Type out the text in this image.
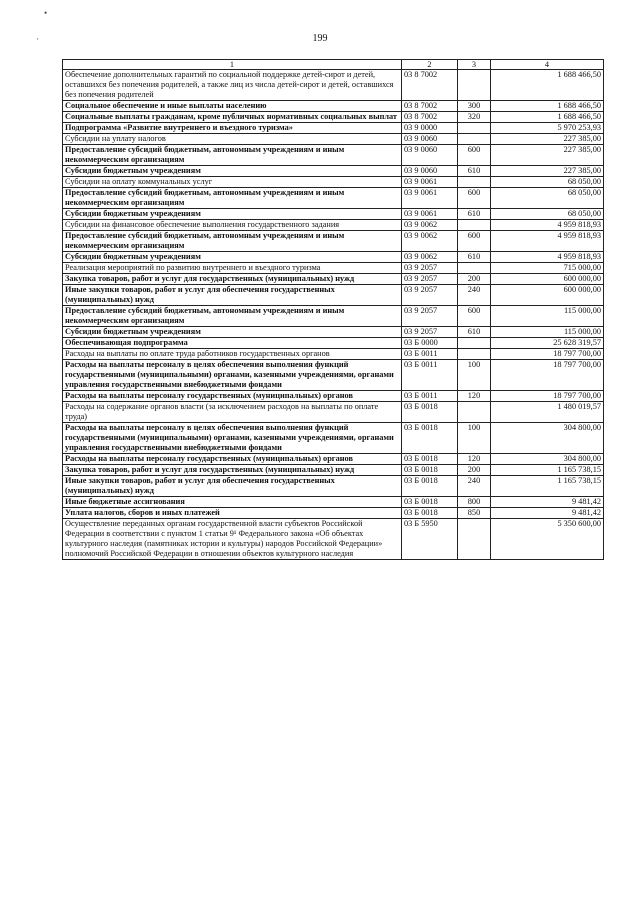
•
·	199
1	2	3	4
Обеспечение дополнительных гарантий по социальной поддержке детей-сирот и детей, оставшихся без попечения родителей, а также лиц из числа детей-сирот и детей, оставшихся без попечения родителей	03 8 7002		1 688 466,50
Социальное обеспечение и иные выплаты населению	03 8 7002	300	1 688 466,50
Социальные выплаты гражданам, кроме публичных нормативных социальных выплат	03 8 7002	320	1 688 466,50
Подпрограмма «Развитие внутреннего и въездного туризма»	03 9 0000		5 970 253,93
Субсидии на уплату налогов	03 9 0060		227 385,00
Предоставление субсидий бюджетным, автономным учреждениям и иным некоммерческим организациям	03 9 0060	600	227 385,00
Субсидии бюджетным учреждениям	03 9 0060	610	227 385,00
Субсидии на оплату коммунальных услуг	03 9 0061		68 050,00
Предоставление субсидий бюджетным, автономным учреждениям и иным некоммерческим организациям	03 9 0061	600	68 050,00
Субсидии бюджетным учреждениям	03 9 0061	610	68 050,00
Субсидии на финансовое обеспечение выполнения государственного задания	03 9 0062		4 959 818,93
Предоставление субсидий бюджетным, автономным учреждениям и иным некоммерческим организациям	03 9 0062	600	4 959 818,93
Субсидии бюджетным учреждениям	03 9 0062	610	4 959 818,93
Реализация мероприятий по развитию внутреннего и въездного туризма	03 9 2057		715 000,00
Закупка товаров, работ и услуг для государственных (муниципальных) нужд	03 9 2057	200	600 000,00
Иные закупки товаров, работ и услуг для обеспечения государственных (муниципальных) нужд	03 9 2057	240	600 000,00
Предоставление субсидий бюджетным, автономным учреждениям и иным некоммерческим организациям	03 9 2057	600	115 000,00
Субсидии бюджетным учреждениям	03 9 2057	610	115 000,00
Обеспечивающая подпрограмма	03 Б 0000		25 628 319,57
Расходы на выплаты по оплате труда работников государственных органов	03 Б 0011		18 797 700,00
Расходы на выплаты персоналу в целях обеспечения выполнения функций государственными (муниципальными) органами, казенными учреждениями, органами управления государственными внебюджетными фондами	03 Б 0011	100	18 797 700,00
Расходы на выплаты персоналу государственных (муниципальных) органов	03 Б 0011	120	18 797 700,00
Расходы на содержание органов власти (за исключением расходов на выплаты по оплате труда)	03 Б 0018		1 480 019,57
Расходы на выплаты персоналу в целях обеспечения выполнения функций государственными (муниципальными) органами, казенными учреждениями, органами управления государственными внебюджетными фондами	03 Б 0018	100	304 800,00
Расходы на выплаты персоналу государственных (муниципальных) органов	03 Б 0018	120	304 800,00
Закупка товаров, работ и услуг для государственных (муниципальных) нужд	03 Б 0018	200	1 165 738,15
Иные закупки товаров, работ и услуг для обеспечения государственных (муниципальных) нужд	03 Б 0018	240	1 165 738,15
Иные бюджетные ассигнования	03 Б 0018	800	9 481,42
Уплата налогов, сборов и иных платежей	03 Б 0018	850	9 481,42
Осуществление переданных органам государственной власти субъектов Российской Федерации в соответствии с пунктом 1 статьи 9¹ Федерального закона «Об объектах культурного наследия (памятниках истории и культуры) народов Российской Федерации» полномочий Российской Федерации в отношении объектов культурного наследия	03 Б 5950		5 350 600,00
